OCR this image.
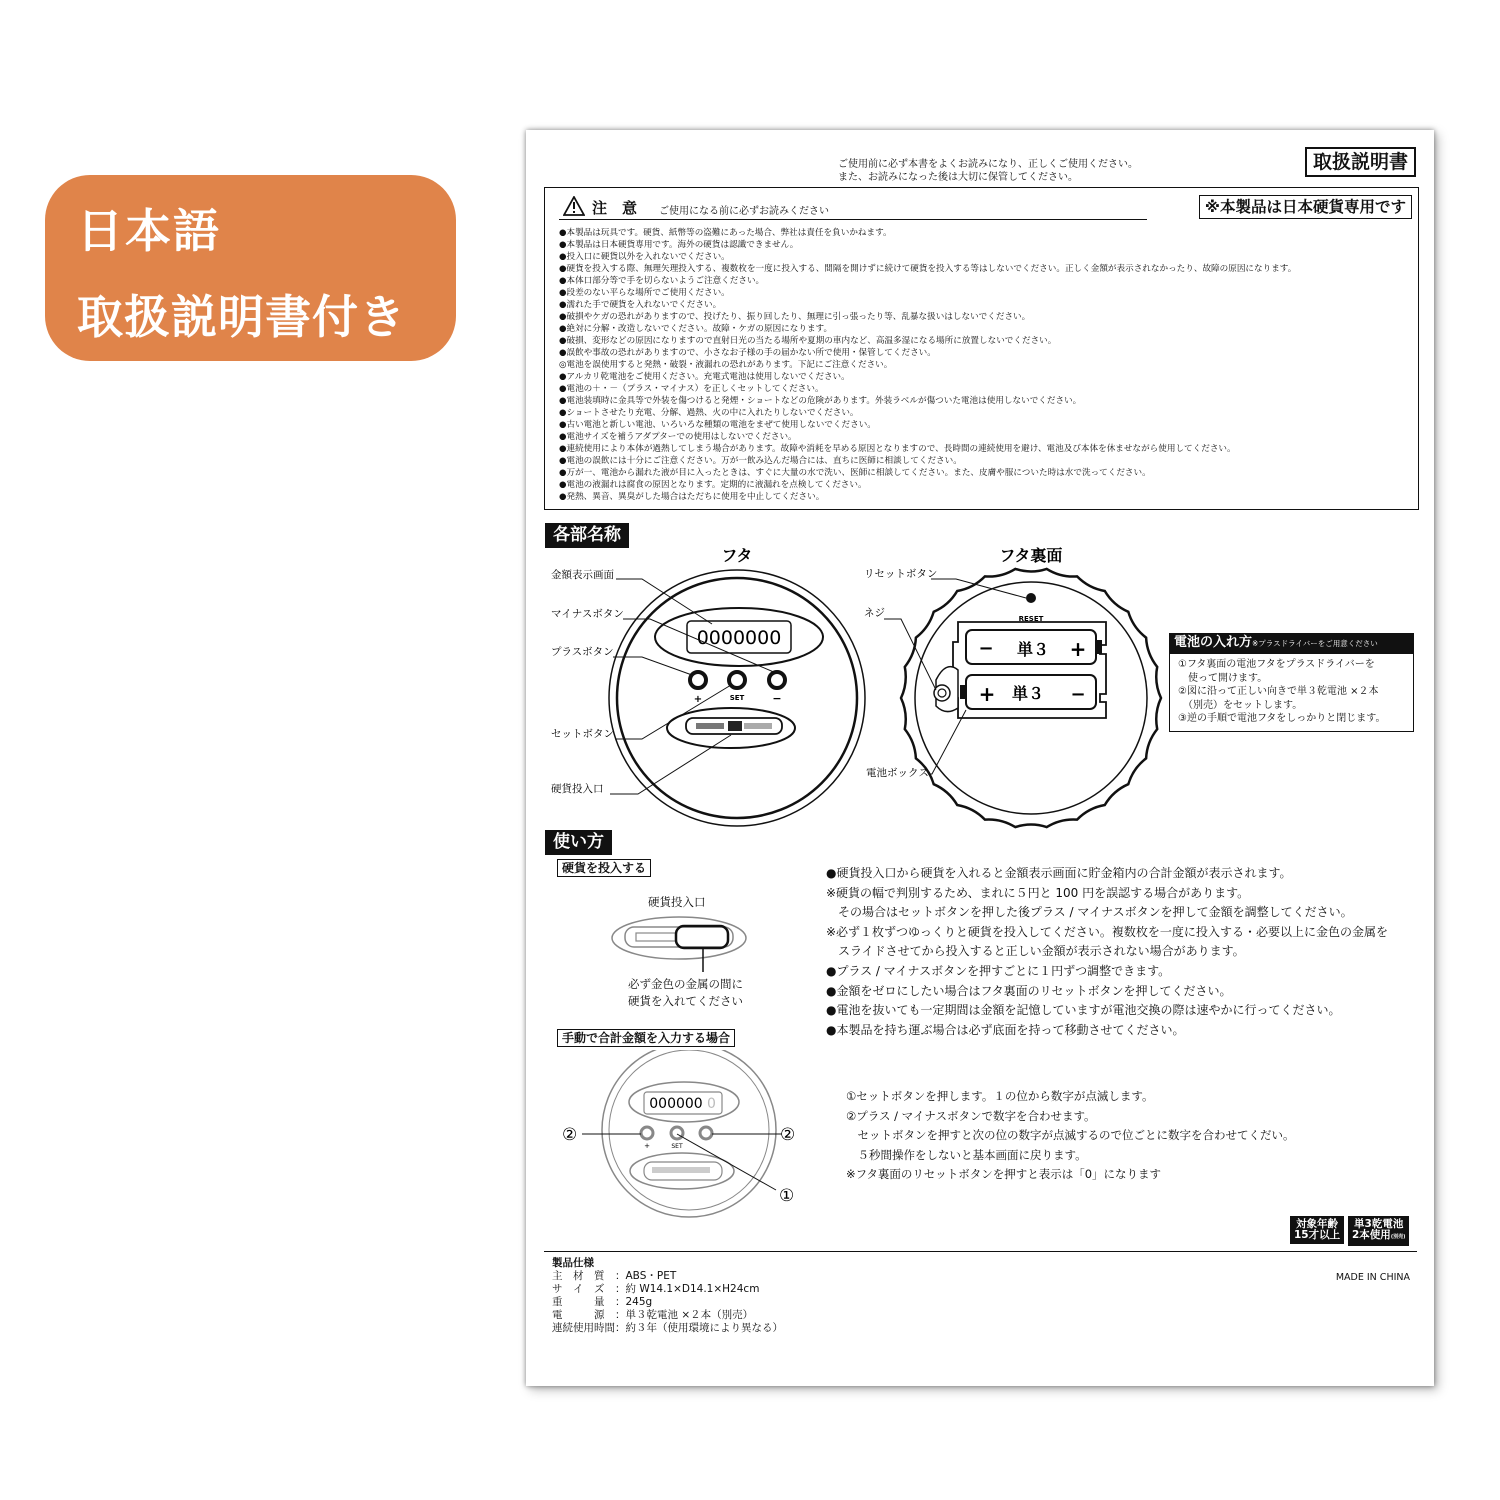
日本語
取扱説明書付き
ご使用前に必ず本書をよくお読みになり、正しくご使用ください。
また、お読みになった後は大切に保管してください。
取扱説明書
注　意 ご使用になる前に必ずお読みください	※本製品は日本硬貨専用です
●本製品は玩具です。硬貨、紙幣等の盗難にあった場合、弊社は責任を負いかねます。
●本製品は日本硬貨専用です。海外の硬貨は認識できません。
●投入口に硬貨以外を入れないでください。
●硬貨を投入する際、無理矢理投入する、複数枚を一度に投入する、間隔を開けずに続けて硬貨を投入する等はしないでください。正しく金額が表示されなかったり、故障の原因になります。
●本体口部分等で手を切らないようご注意ください。
●段差のない平らな場所でご使用ください。
●濡れた手で硬貨を入れないでください。
●破損やケガの恐れがありますので、投げたり、振り回したり、無理に引っ張ったり等、乱暴な扱いはしないでください。
●絶対に分解・改造しないでください。故障・ケガの原因になります。
●破損、変形などの原因になりますので直射日光の当たる場所や夏期の車内など、高温多湿になる場所に放置しないでください。
●誤飲や事故の恐れがありますので、小さなお子様の手の届かない所で使用・保管してください。
◎電池を誤使用すると発熱・破裂・液漏れの恐れがあります。下記にご注意ください。
●アルカリ乾電池をご使用ください。充電式電池は使用しないでください。
●電池の＋・－（プラス・マイナス）を正しくセットしてください。
●電池装填時に金具等で外装を傷つけると発煙・ショートなどの危険があります。外装ラベルが傷ついた電池は使用しないでください。
●ショートさせたり充電、分解、過熱、火の中に入れたりしないでください。
●古い電池と新しい電池、いろいろな種類の電池をまぜて使用しないでください。
●電池サイズを補うアダプターでの使用はしないでください。
●連続使用により本体が過熱してしまう場合があります。故障や消耗を早める原因となりますので、長時間の連続使用を避け、電池及び本体を休ませながら使用してください。
●電池の誤飲には十分にご注意ください。万が一飲み込んだ場合には、直ちに医師に相談してください。
●万が一、電池から漏れた液が目に入ったときは、すぐに大量の水で洗い、医師に相談してください。また、皮膚や服についた時は水で洗ってください。
●電池の液漏れは腐食の原因となります。定期的に液漏れを点検してください。
●発熱、異音、異臭がした場合はただちに使用を中止してください。
各部名称
フタ
0000000
+	SET	−
金額表示画面
マイナスボタン
プラスボタン
セットボタン
硬貨投入口
フタ裏面
RESET
− 単３ +
+ 単３ −
リセットボタン
ネジ
電池ボックス
電池の入れ方※プラスドライバーをご用意ください
①フタ裏面の電池フタをプラスドライバーを
　使って開けます。
②図に沿って正しい向きで単３乾電池 ×２本
　（別売）をセットします。
③逆の手順で電池フタをしっかりと閉じます。
使い方
硬貨を投入する
硬貨投入口
必ず金色の金属の間に
硬貨を入れてください
●硬貨投入口から硬貨を入れると金額表示画面に貯金箱内の合計金額が表示されます。
※硬貨の幅で判別するため、まれに５円と 100 円を誤認する場合があります。
　その場合はセットボタンを押した後プラス / マイナスボタンを押して金額を調整してください。
※必ず１枚ずつゆっくりと硬貨を投入してください。複数枚を一度に投入する・必要以上に金色の金属を
　スライドさせてから投入すると正しい金額が表示されない場合があります。
●プラス / マイナスボタンを押すごとに１円ずつ調整できます。
●金額をゼロにしたい場合はフタ裏面のリセットボタンを押してください。
●電池を抜いても一定期間は金額を記憶していますが電池交換の際は速やかに行ってください。
●本製品を持ち運ぶ場合は必ず底面を持って移動させてください。
手動で合計金額を入力する場合
000000 0
+	SET
②	②
①
①セットボタンを押します。１の位から数字が点滅します。
②プラス / マイナスボタンで数字を合わせます。
　セットボタンを押すと次の位の数字が点滅するので位ごとに数字を合わせてくだい。
　５秒間操作をしないと基本画面に戻ります。
※フタ裏面のリセットボタンを押すと表示は「0」になります
対象年齢
15才以上
単3乾電池
2本使用(別売)
製品仕様
主　材　質	：ABS・PET
サ　イ　ズ	：約 W14.1×D14.1×H24cm
重　　　量	：245g
電　　　源	：単３乾電池 ×２本（別売）
連続使用時間	：約３年（使用環境により異なる）
MADE IN CHINA
